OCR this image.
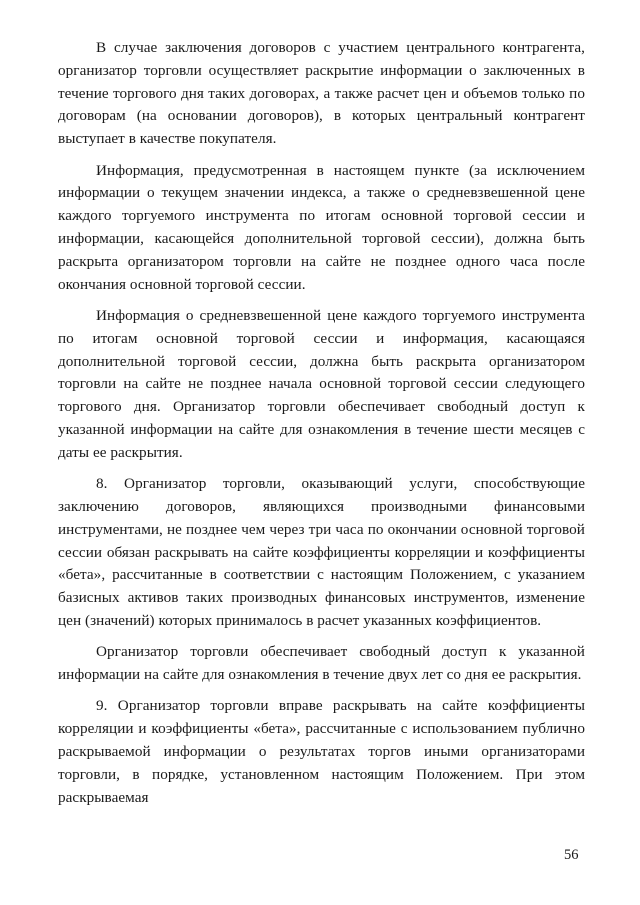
В случае заключения договоров с участием центрального контрагента, организатор торговли осуществляет раскрытие информации о заключенных в течение торгового дня таких договорах, а также расчет цен и объемов только по договорам (на основании договоров), в которых центральный контрагент выступает в качестве покупателя.

Информация, предусмотренная в настоящем пункте (за исключением информации о текущем значении индекса, а также о средневзвешенной цене каждого торгуемого инструмента по итогам основной торговой сессии и информации, касающейся дополнительной торговой сессии), должна быть раскрыта организатором торговли на сайте не позднее одного часа после окончания основной торговой сессии.

Информация о средневзвешенной цене каждого торгуемого инструмента по итогам основной торговой сессии и информация, касающаяся дополнительной торговой сессии, должна быть раскрыта организатором торговли на сайте не позднее начала основной торговой сессии следующего торгового дня. Организатор торговли обеспечивает свободный доступ к указанной информации на сайте для ознакомления в течение шести месяцев с даты ее раскрытия.

8. Организатор торговли, оказывающий услуги, способствующие заключению договоров, являющихся производными финансовыми инструментами, не позднее чем через три часа по окончании основной торговой сессии обязан раскрывать на сайте коэффициенты корреляции и коэффициенты «бета», рассчитанные в соответствии с настоящим Положением, с указанием базисных активов таких производных финансовых инструментов, изменение цен (значений) которых принималось в расчет указанных коэффициентов.

Организатор торговли обеспечивает свободный доступ к указанной информации на сайте для ознакомления в течение двух лет со дня ее раскрытия.

9. Организатор торговли вправе раскрывать на сайте коэффициенты корреляции и коэффициенты «бета», рассчитанные с использованием публично раскрываемой информации о результатах торгов иными организаторами торговли, в порядке, установленном настоящим Положением. При этом раскрываемая

56
